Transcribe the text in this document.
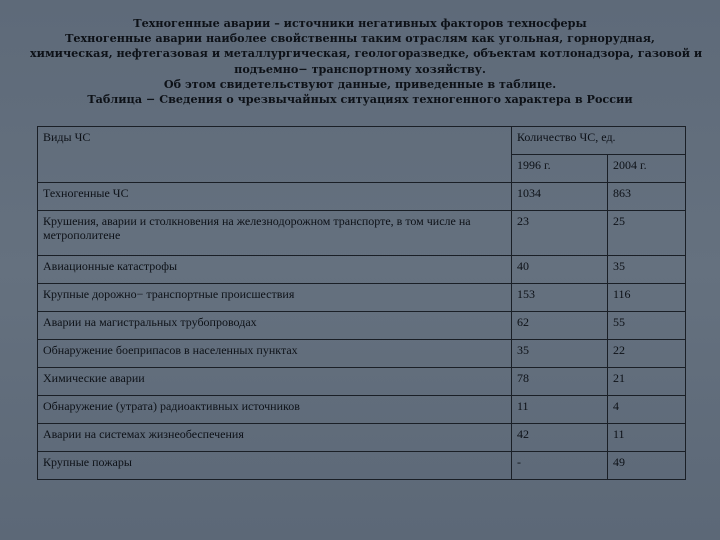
Техногенные аварии – источники негативных факторов техносферы
Техногенные аварии наиболее свойственны таким отраслям как угольная, горнорудная,
химическая, нефтегазовая и металлургическая, геологоразведке, объектам котлонадзора, газовой и
подъемно− транспортному хозяйству.
Об этом свидетельствуют данные, приведенные в таблице.
Таблица − Сведения о чрезвычайных ситуациях техногенного характера в России
Виды ЧС	Количество ЧС, ед.	
	1996 г.	2004 г.
Техногенные ЧС	1034	863
Крушения, аварии и столкновения на железнодорожном транспорте, в том числе на метрополитене	23	25
Авиационные катастрофы	40	35
Крупные дорожно− транспортные происшествия	153	116
Аварии на магистральных трубопроводах	62	55
Обнаружение боеприпасов в населенных пунктах	35	22
Химические аварии	78	21
Обнаружение (утрата) радиоактивных источников	11	4
Аварии на системах жизнеобеспечения	42	11
Крупные пожары	-	49
